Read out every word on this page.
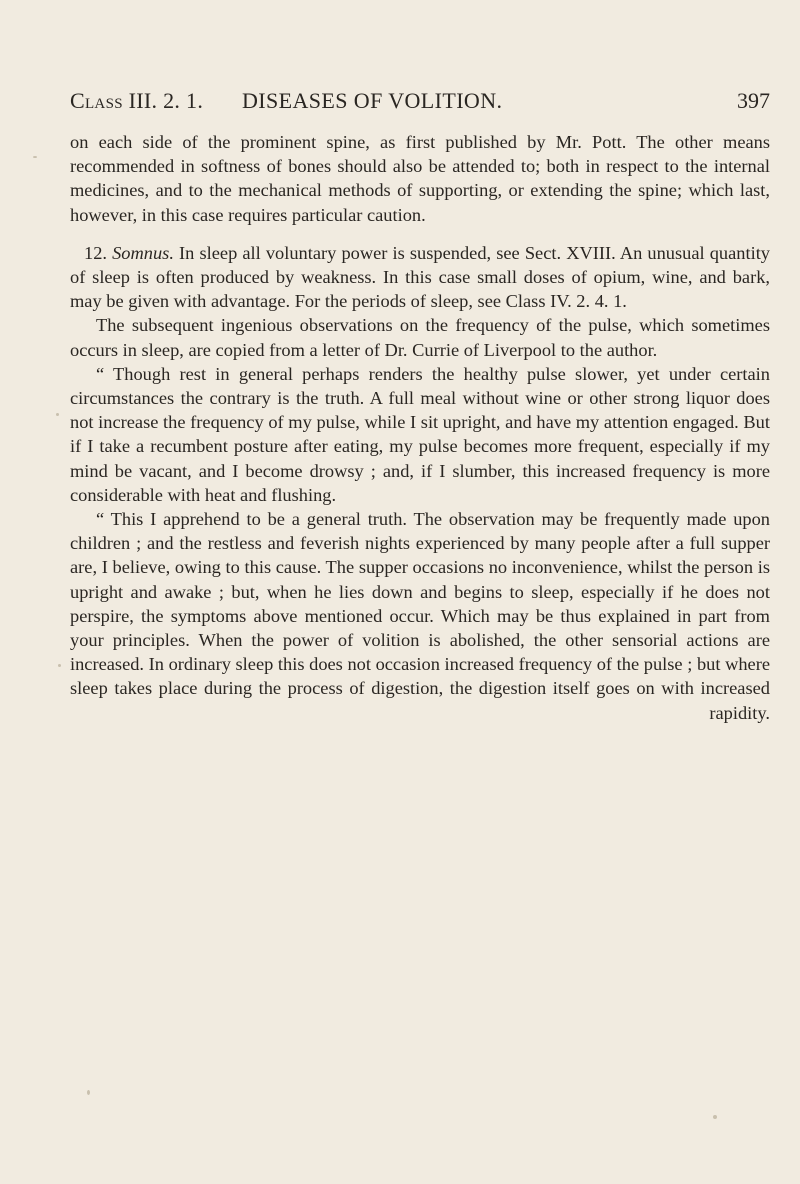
Class III. 2. 1. DISEASES OF VOLITION.	397

on each side of the prominent spine, as first published by Mr. Pott. The other means recommended in softness of bones should also be attended to; both in respect to the internal medicines, and to the mechanical methods of supporting, or extending the spine; which last, however, in this case requires particular caution.

12. Somnus. In sleep all voluntary power is suspended, see Sect. XVIII. An unusual quantity of sleep is often produced by weakness. In this case small doses of opium, wine, and bark, may be given with advantage. For the periods of sleep, see Class IV. 2. 4. 1.

The subsequent ingenious observations on the frequency of the pulse, which sometimes occurs in sleep, are copied from a letter of Dr. Currie of Liverpool to the author.

“ Though rest in general perhaps renders the healthy pulse slower, yet under certain circumstances the contrary is the truth. A full meal without wine or other strong liquor does not increase the frequency of my pulse, while I sit upright, and have my attention engaged. But if I take a recumbent posture after eating, my pulse becomes more frequent, especially if my mind be vacant, and I become drowsy ; and, if I slumber, this increased frequency is more considerable with heat and flushing.

“ This I apprehend to be a general truth. The observation may be frequently made upon children ; and the restless and feverish nights experienced by many people after a full supper are, I believe, owing to this cause. The supper occasions no inconvenience, whilst the person is upright and awake ; but, when he lies down and begins to sleep, especially if he does not perspire, the symptoms above mentioned occur. Which may be thus explained in part from your principles. When the power of volition is abolished, the other sensorial actions are increased. In ordinary sleep this does not occasion increased frequency of the pulse ; but where sleep takes place during the process of digestion, the digestion itself goes on with increased rapidity.
